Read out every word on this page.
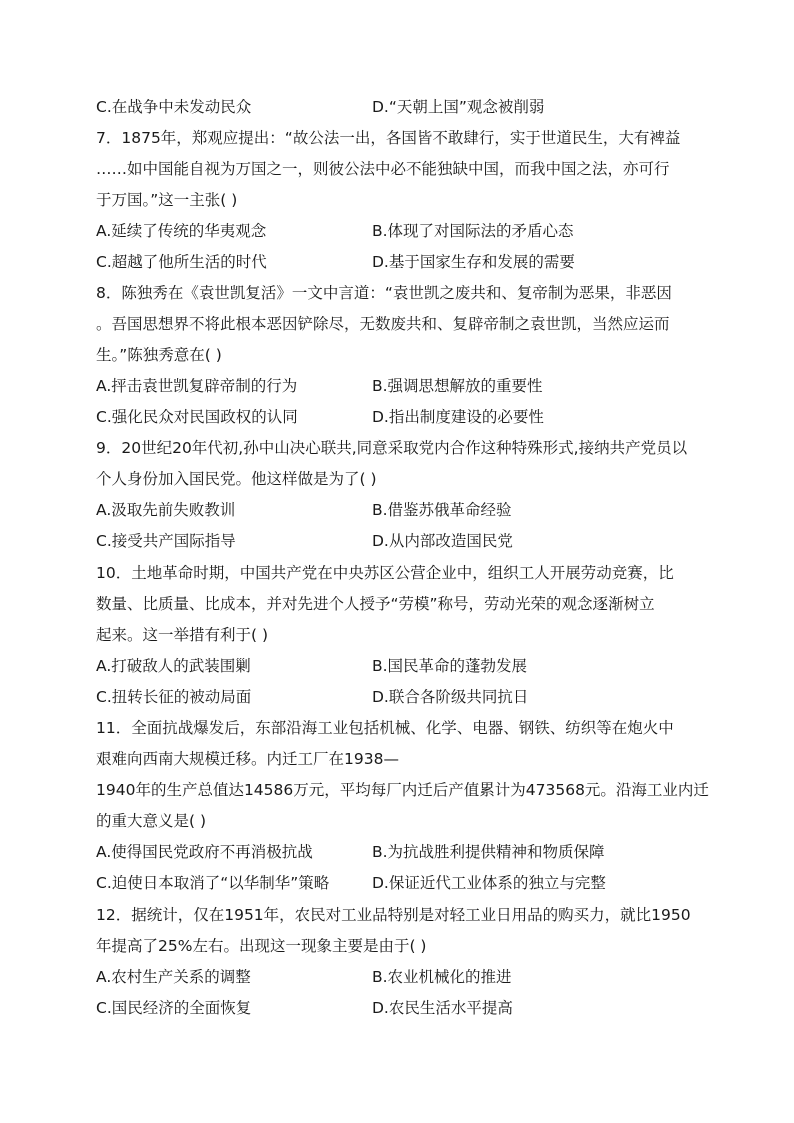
C.在战争中未发动民众	D.“天朝上国”观念被削弱
7．1875年，郑观应提出：“故公法一出，各国皆不敢肆行，实于世道民生，大有裨益
……如中国能自视为万国之一，则彼公法中必不能独缺中国，而我中国之法，亦可行
于万国。”这一主张( )
A.延续了传统的华夷观念	B.体现了对国际法的矛盾心态
C.超越了他所生活的时代	D.基于国家生存和发展的需要
8．陈独秀在《袁世凯复活》一文中言道：“袁世凯之废共和、复帝制为恶果，非恶因
。吾国思想界不将此根本恶因铲除尽，无数废共和、复辟帝制之袁世凯，当然应运而
生。”陈独秀意在( )
A.抨击袁世凯复辟帝制的行为	B.强调思想解放的重要性
C.强化民众对民国政权的认同	D.指出制度建设的必要性
9．20世纪20年代初,孙中山决心联共,同意采取党内合作这种特殊形式,接纳共产党员以
个人身份加入国民党。他这样做是为了( )
A.汲取先前失败教训	B.借鉴苏俄革命经验
C.接受共产国际指导	D.从内部改造国民党
10．土地革命时期，中国共产党在中央苏区公营企业中，组织工人开展劳动竞赛，比
数量、比质量、比成本，并对先进个人授予“劳模”称号，劳动光荣的观念逐渐树立
起来。这一举措有利于( )
A.打破敌人的武装围剿	B.国民革命的蓬勃发展
C.扭转长征的被动局面	D.联合各阶级共同抗日
11．全面抗战爆发后，东部沿海工业包括机械、化学、电器、钢铁、纺织等在炮火中
艰难向西南大规模迁移。内迁工厂在1938—
1940年的生产总值达14586万元，平均每厂内迁后产值累计为473568元。沿海工业内迁
的重大意义是( )
A.使得国民党政府不再消极抗战	B.为抗战胜利提供精神和物质保障
C.迫使日本取消了“以华制华”策略	D.保证近代工业体系的独立与完整
12．据统计，仅在1951年，农民对工业品特别是对轻工业日用品的购买力，就比1950
年提高了25%左右。出现这一现象主要是由于( )
A.农村生产关系的调整	B.农业机械化的推进
C.国民经济的全面恢复	D.农民生活水平提高
